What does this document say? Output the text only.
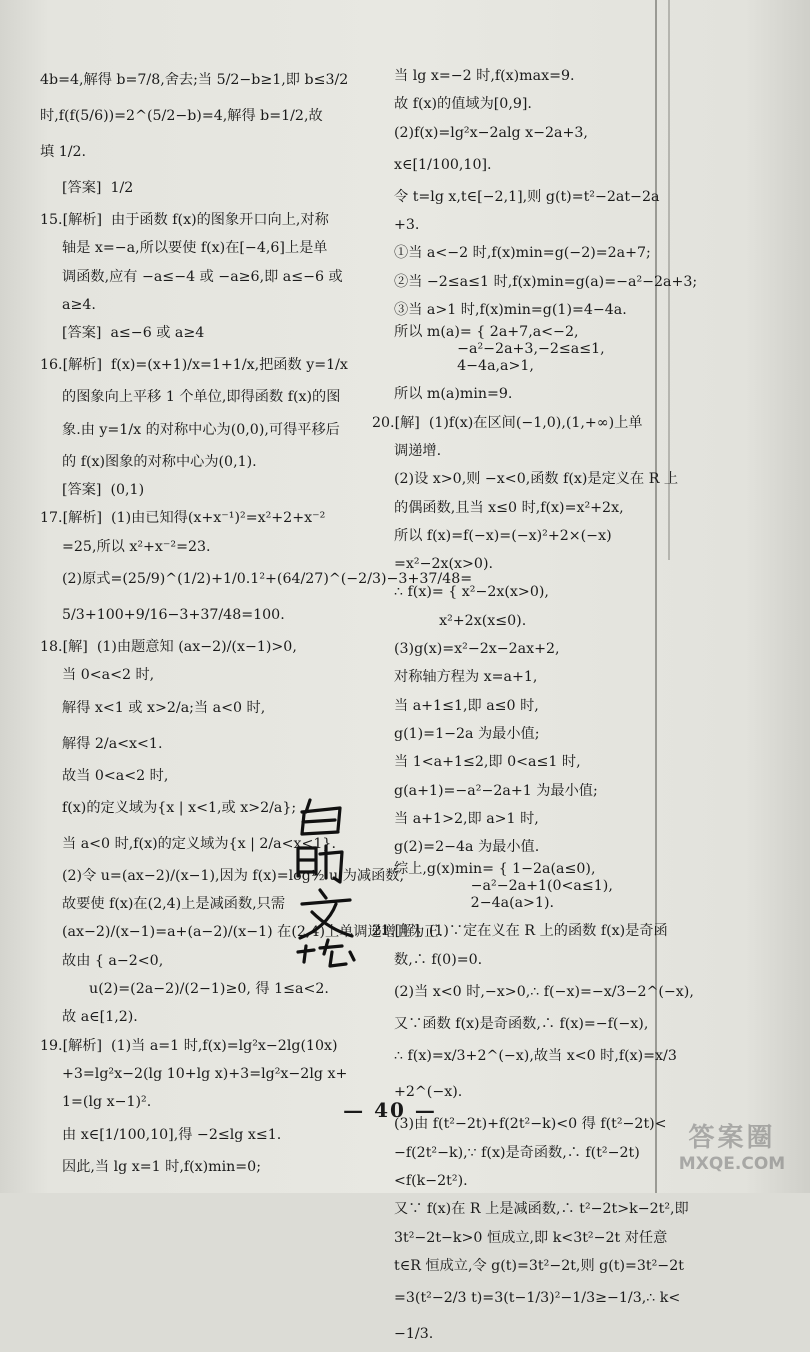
4b=4,解得 b=7/8,舍去;当 5/2−b≥1,即 b≤3/2
时,f(f(5/6))=2^(5/2−b)=4,解得 b=1/2,故
填 1/2.
[答案]  1/2
15.[解析]  由于函数 f(x)的图象开口向上,对称
轴是 x=−a,所以要使 f(x)在[−4,6]上是单
调函数,应有 −a≤−4 或 −a≥6,即 a≤−6 或
a≥4.
[答案]  a≤−6 或 a≥4
16.[解析]  f(x)=(x+1)/x=1+1/x,把函数 y=1/x
的图象向上平移 1 个单位,即得函数 f(x)的图
象.由 y=1/x 的对称中心为(0,0),可得平移后
的 f(x)图象的对称中心为(0,1).
[答案]  (0,1)
17.[解析]  (1)由已知得(x+x⁻¹)²=x²+2+x⁻²
=25,所以 x²+x⁻²=23.
(2)原式=(25/9)^(1/2)+1/0.1²+(64/27)^(−2/3)−3+37/48=
5/3+100+9/16−3+37/48=100.
18.[解]  (1)由题意知 (ax−2)/(x−1)>0,
当 0<a<2 时,
解得 x<1 或 x>2/a;当 a<0 时,
解得 2/a<x<1.
故当 0<a<2 时,
f(x)的定义域为{x | x<1,或 x>2/a};
当 a<0 时,f(x)的定义域为{x | 2/a<x<1}.
(2)令 u=(ax−2)/(x−1),因为 f(x)=log½ u 为减函数,
故要使 f(x)在(2,4)上是减函数,只需
(ax−2)/(x−1)=a+(a−2)/(x−1) 在(2,4)上单调递增且为正.
故由 { a−2<0,
u(2)=(2a−2)/(2−1)≥0, 得 1≤a<2.
故 a∈[1,2).
19.[解析]  (1)当 a=1 时,f(x)=lg²x−2lg(10x)
+3=lg²x−2(lg 10+lg x)+3=lg²x−2lg x+
1=(lg x−1)².
由 x∈[1/100,10],得 −2≤lg x≤1.
因此,当 lg x=1 时,f(x)min=0;
当 lg x=−2 时,f(x)max=9.
故 f(x)的值域为[0,9].
(2)f(x)=lg²x−2alg x−2a+3,
x∈[1/100,10].
令 t=lg x,t∈[−2,1],则 g(t)=t²−2at−2a
+3.
①当 a<−2 时,f(x)min=g(−2)=2a+7;
②当 −2≤a≤1 时,f(x)min=g(a)=−a²−2a+3;
③当 a>1 时,f(x)min=g(1)=4−4a.
所以 m(a)= { 2a+7,a<−2,
−a²−2a+3,−2≤a≤1,
4−4a,a>1,
所以 m(a)min=9.
20.[解]  (1)f(x)在区间(−1,0),(1,+∞)上单
调递增.
(2)设 x>0,则 −x<0,函数 f(x)是定义在 R 上
的偶函数,且当 x≤0 时,f(x)=x²+2x,
所以 f(x)=f(−x)=(−x)²+2×(−x)
=x²−2x(x>0).
∴ f(x)= { x²−2x(x>0),
x²+2x(x≤0).
(3)g(x)=x²−2x−2ax+2,
对称轴方程为 x=a+1,
当 a+1≤1,即 a≤0 时,
g(1)=1−2a 为最小值;
当 1<a+1≤2,即 0<a≤1 时,
g(a+1)=−a²−2a+1 为最小值;
当 a+1>2,即 a>1 时,
g(2)=2−4a 为最小值.
综上,g(x)min= { 1−2a(a≤0),
−a²−2a+1(0<a≤1),
2−4a(a>1).
21.[解]  (1)∵定在义在 R 上的函数 f(x)是奇函
数,∴ f(0)=0.
(2)当 x<0 时,−x>0,∴ f(−x)=−x/3−2^(−x),
又∵函数 f(x)是奇函数,∴ f(x)=−f(−x),
∴ f(x)=x/3+2^(−x),故当 x<0 时,f(x)=x/3
+2^(−x).
(3)由 f(t²−2t)+f(2t²−k)<0 得 f(t²−2t)<
−f(2t²−k),∵ f(x)是奇函数,∴ f(t²−2t)
<f(k−2t²).
又∵ f(x)在 R 上是减函数,∴ t²−2t>k−2t²,即
3t²−2t−k>0 恒成立,即 k<3t²−2t 对任意
t∈R 恒成立,令 g(t)=3t²−2t,则 g(t)=3t²−2t
=3(t²−2/3 t)=3(t−1/3)²−1/3≥−1/3,∴ k<
−1/3.
— 40 —
答案圈
MXQE.COM
